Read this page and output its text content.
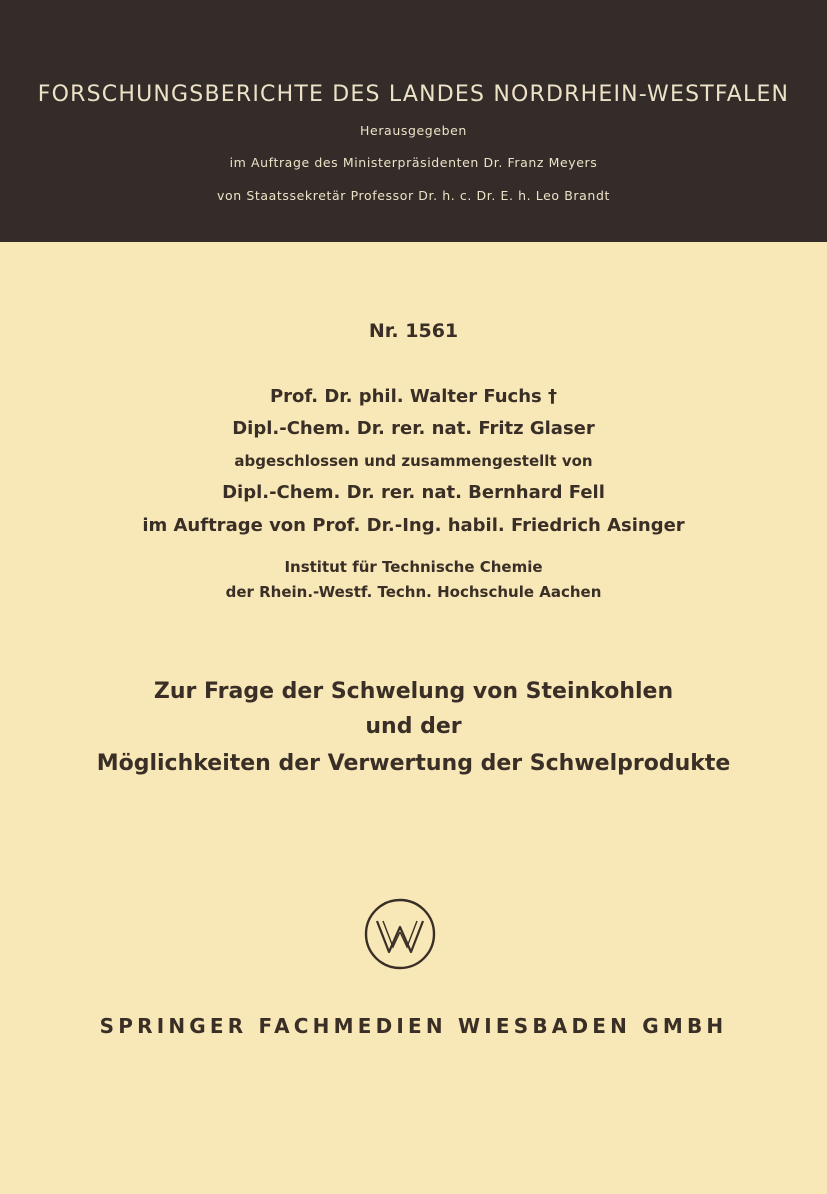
FORSCHUNGSBERICHTE DES LANDES NORDRHEIN-WESTFALEN
Herausgegeben
im Auftrage des Ministerpräsidenten Dr. Franz Meyers
von Staatssekretär Professor Dr. h. c. Dr. E. h. Leo Brandt
Nr. 1561
Prof. Dr. phil. Walter Fuchs †
Dipl.-Chem. Dr. rer. nat. Fritz Glaser
abgeschlossen und zusammengestellt von
Dipl.-Chem. Dr. rer. nat. Bernhard Fell
im Auftrage von Prof. Dr.-Ing. habil. Friedrich Asinger
Institut für Technische Chemie
der Rhein.-Westf. Techn. Hochschule Aachen
Zur Frage der Schwelung von Steinkohlen
und der
Möglichkeiten der Verwertung der Schwelprodukte
SPRINGER FACHMEDIEN WIESBADEN GMBH
